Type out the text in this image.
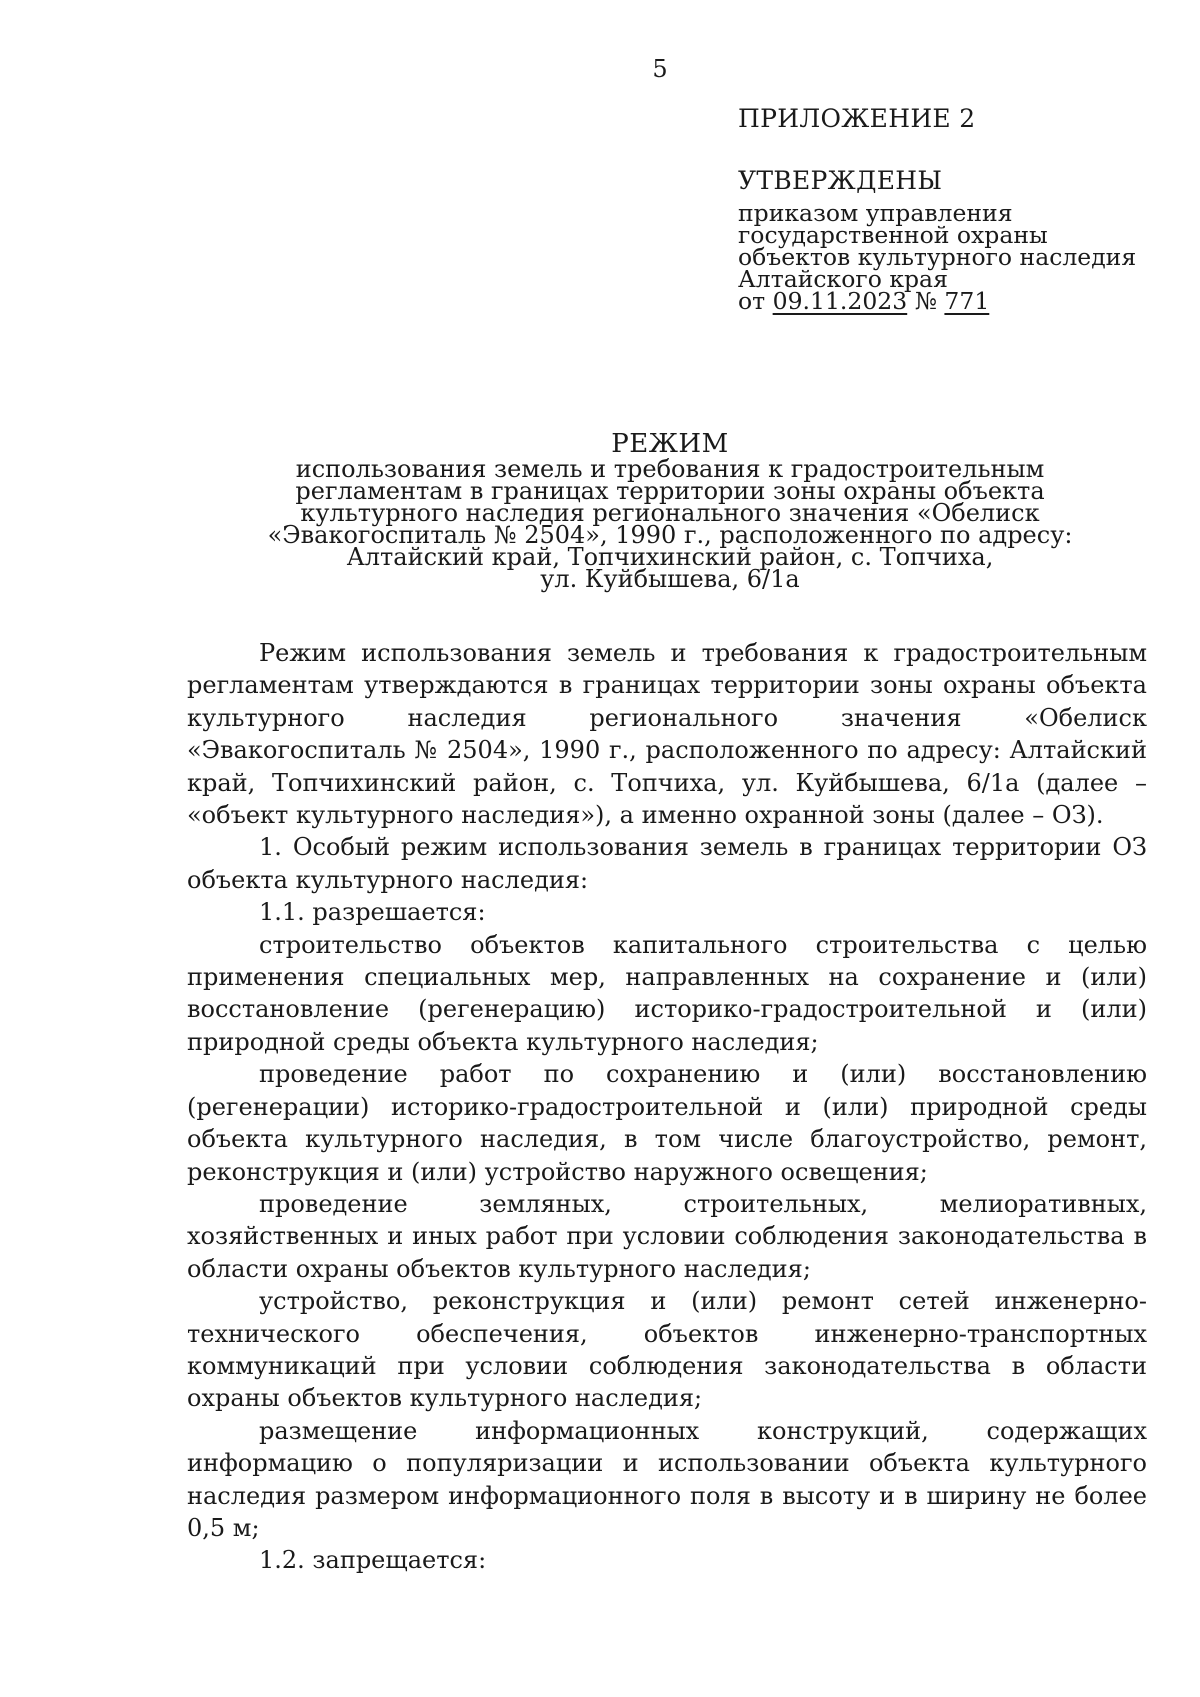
5
ПРИЛОЖЕНИЕ 2
УТВЕРЖДЕНЫ
приказом управления
государственной охраны
объектов культурного наследия
Алтайского края
от 09.11.2023 № 771
РЕЖИМ
использования земель и требования к градостроительным
регламентам в границах территории зоны охраны объекта
культурного наследия регионального значения «Обелиск
«Эвакогоспиталь № 2504», 1990 г., расположенного по адресу:
Алтайский край, Топчихинский район, с. Топчиха,
ул. Куйбышева, 6/1а

Режим использования земель и требования к градостроительным регламентам утверждаются в границах территории зоны охраны объекта культурного наследия регионального значения «Обелиск «Эвакогоспиталь № 2504», 1990 г., расположенного по адресу: Алтайский край, Топчихинский район, с. Топчиха, ул. Куйбышева, 6/1а (далее – «объект культурного наследия»), а именно охранной зоны (далее – ОЗ).

1. Особый режим использования земель в границах территории ОЗ объекта культурного наследия:

1.1. разрешается:

строительство объектов капитального строительства с целью применения специальных мер, направленных на сохранение и (или) восстановление (регенерацию) историко-градостроительной и (или) природной среды объекта культурного наследия;

проведение работ по сохранению и (или) восстановлению (регенерации) историко-градостроительной и (или) природной среды объекта культурного наследия, в том числе благоустройство, ремонт, реконструкция и (или) устройство наружного освещения;

проведение земляных, строительных, мелиоративных, хозяйственных и иных работ при условии соблюдения законодательства в области охраны объектов культурного наследия;

устройство, реконструкция и (или) ремонт сетей инженерно-технического обеспечения, объектов инженерно-транспортных коммуникаций при условии соблюдения законодательства в области охраны объектов культурного наследия;

размещение информационных конструкций, содержащих информацию о популяризации и использовании объекта культурного наследия размером информационного поля в высоту и в ширину не более 0,5 м;

1.2. запрещается:
